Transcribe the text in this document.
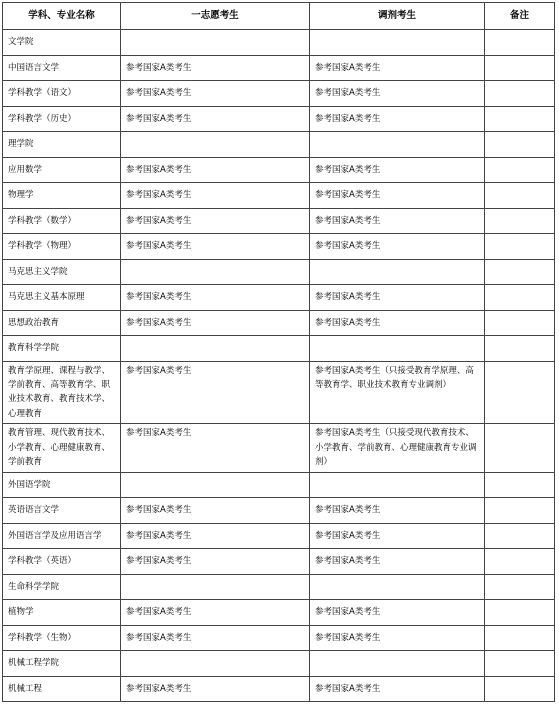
学科、专业名称	一志愿考生	调剂考生	备注
文学院			
中国语言文学	参考国家A类考生	参考国家A类考生	
学科教学（语文）	参考国家A类考生	参考国家A类考生	
学科教学（历史）	参考国家A类考生	参考国家A类考生	
理学院			
应用数学	参考国家A类考生	参考国家A类考生	
物理学	参考国家A类考生	参考国家A类考生	
学科教学（数学）	参考国家A类考生	参考国家A类考生	
学科教学（物理）	参考国家A类考生	参考国家A类考生	
马克思主义学院			
马克思主义基本原理	参考国家A类考生	参考国家A类考生	
思想政治教育	参考国家A类考生	参考国家A类考生	
教育科学学院			
教育学原理、课程与教学、学前教育、高等教育学、职业技术教育、教育技术学、心理教育	参考国家A类考生	参考国家A类考生（只接受教育学原理、高等教育学、职业技术教育专业调剂）	
教育管理、现代教育技术、小学教育、心理健康教育、学前教育	参考国家A类考生	参考国家A类考生（只接受现代教育技术、小学教育、学前教育、心理健康教育专业调剂）	
外国语学院			
英语语言文学	参考国家A类考生	参考国家A类考生	
外国语言学及应用语言学	参考国家A类考生	参考国家A类考生	
学科教学（英语）	参考国家A类考生	参考国家A类考生	
生命科学学院			
植物学	参考国家A类考生	参考国家A类考生	
学科教学（生物）	参考国家A类考生	参考国家A类考生	
机械工程学院			
机械工程	参考国家A类考生	参考国家A类考生	
